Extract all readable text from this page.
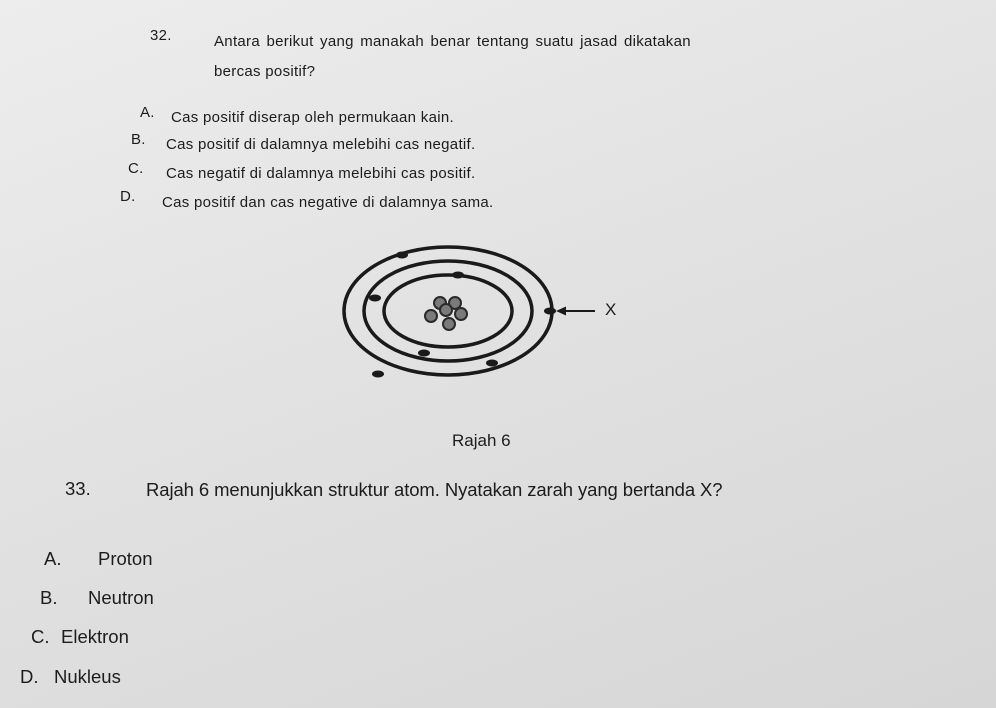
32.	Antara berikut yang manakah benar tentang suatu jasad dikatakan
bercas positif?
A. Cas positif diserap oleh permukaan kain.
B. Cas positif di dalamnya melebihi cas negatif.
C. Cas negatif di dalamnya melebihi cas positif.
D. Cas positif dan cas negative di dalamnya sama.
X
Rajah 6
33.	Rajah 6 menunjukkan struktur atom. Nyatakan zarah yang bertanda X?
A. Proton
B. Neutron
C. Elektron
D. Nukleus
